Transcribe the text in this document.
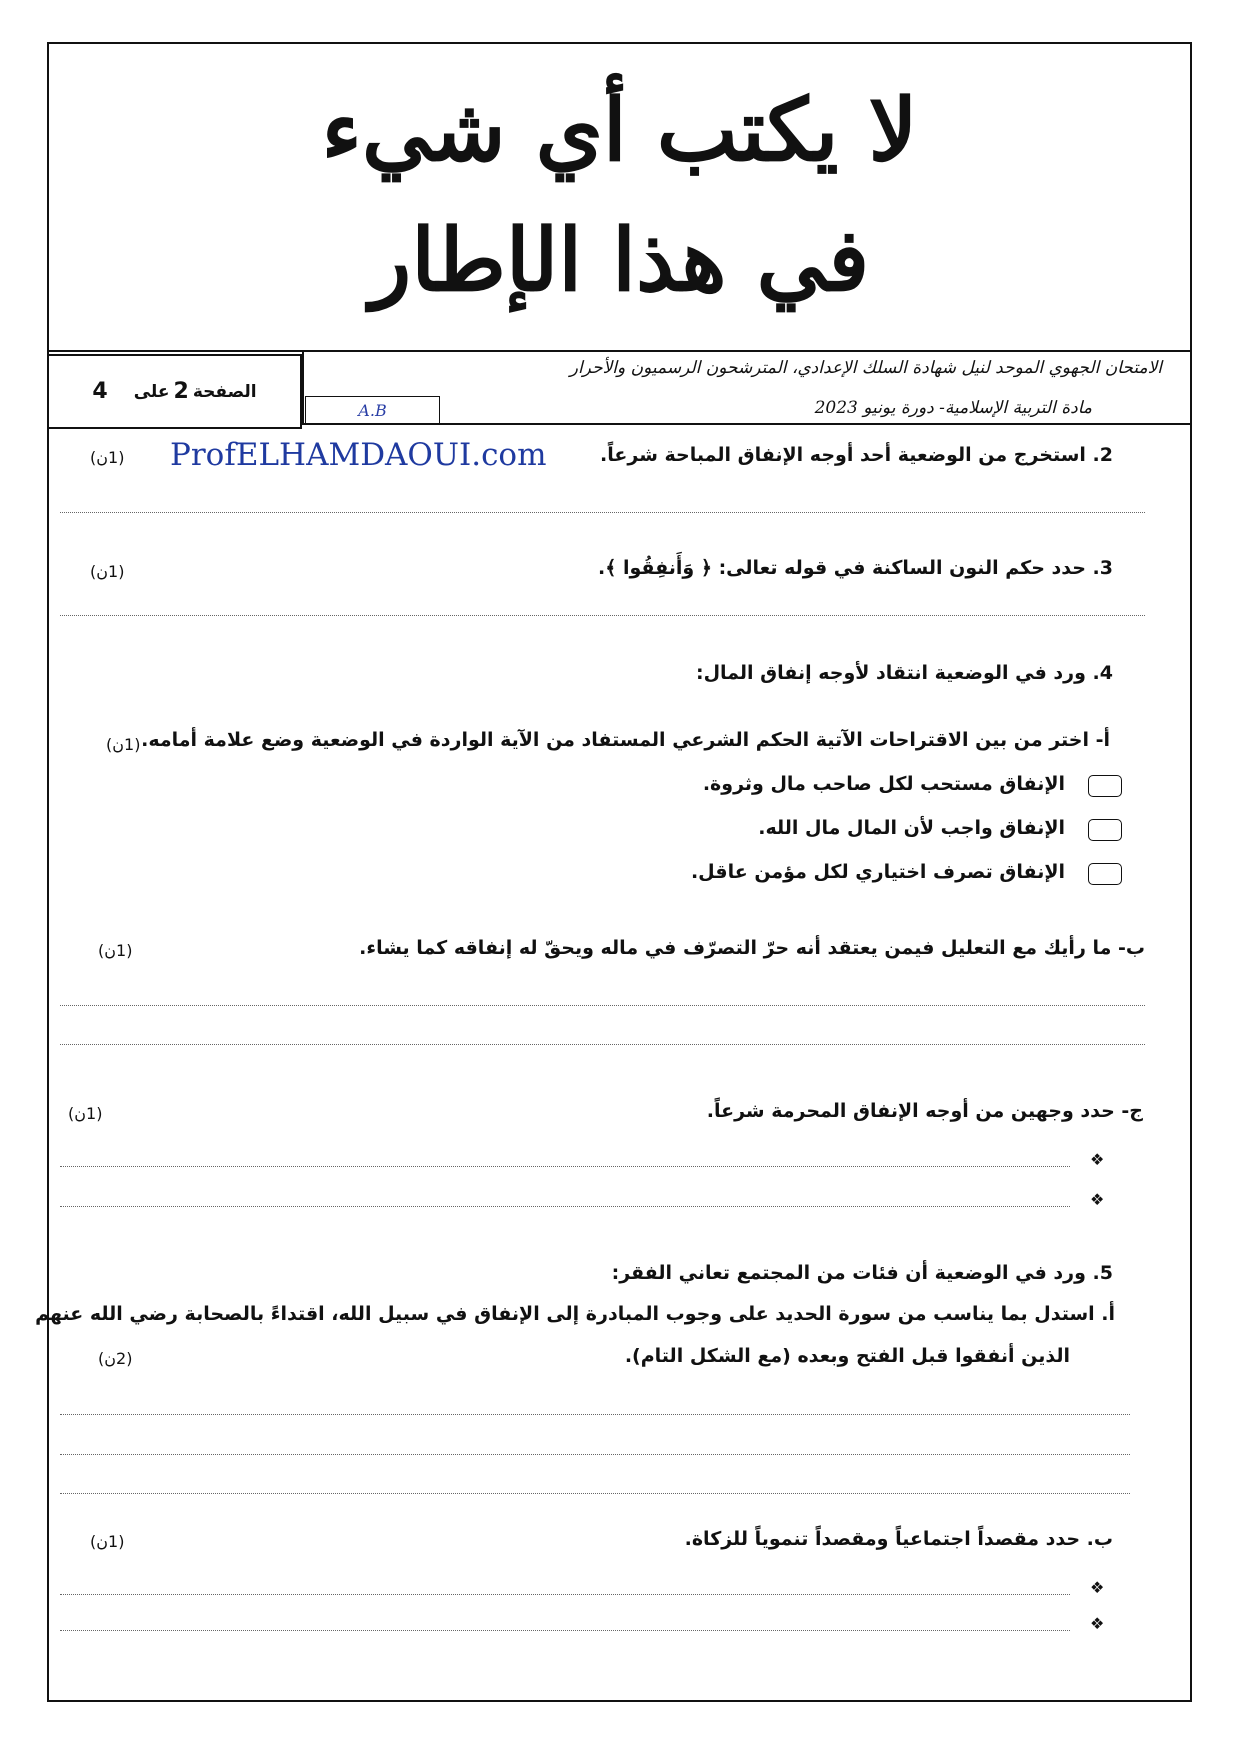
لا يكتب أي شيء
في هذا الإطار
الصفحة
2
على
4
الامتحان الجهوي الموحد لنيل شهادة السلك الإعدادي، المترشحون الرسميون والأحرار
مادة التربية الإسلامية- دورة يونيو 2023
A.B
ProfELHAMDAOUI.com	2. استخرج من الوضعية أحد أوجه الإنفاق المباحة شرعاً.
(1ن)
3. حدد حكم النون الساكنة في قوله تعالى: ﴿ وَأَنفِقُوا ﴾.
(1ن)
4. ورد في الوضعية انتقاد لأوجه إنفاق المال:
أ- اختر من بين الاقتراحات الآتية الحكم الشرعي المستفاد من الآية الواردة في الوضعية وضع علامة أمامه.
(1ن)
الإنفاق مستحب لكل صاحب مال وثروة.
الإنفاق واجب لأن المال مال الله.
الإنفاق تصرف اختياري لكل مؤمن عاقل.
ب- ما رأيك مع التعليل فيمن يعتقد أنه حرّ التصرّف في ماله ويحقّ له إنفاقه كما يشاء.
(1ن)
ج- حدد وجهين من أوجه الإنفاق المحرمة شرعاً.
(1ن)
❖
❖
5. ورد في الوضعية أن فئات من المجتمع تعاني الفقر:
أ. استدل بما يناسب من سورة الحديد على وجوب المبادرة إلى الإنفاق في سبيل الله، اقتداءً بالصحابة رضي الله عنهم
الذين أنفقوا قبل الفتح وبعده (مع الشكل التام).
(2ن)
ب. حدد مقصداً اجتماعياً ومقصداً تنموياً للزكاة.
(1ن)
❖
❖
